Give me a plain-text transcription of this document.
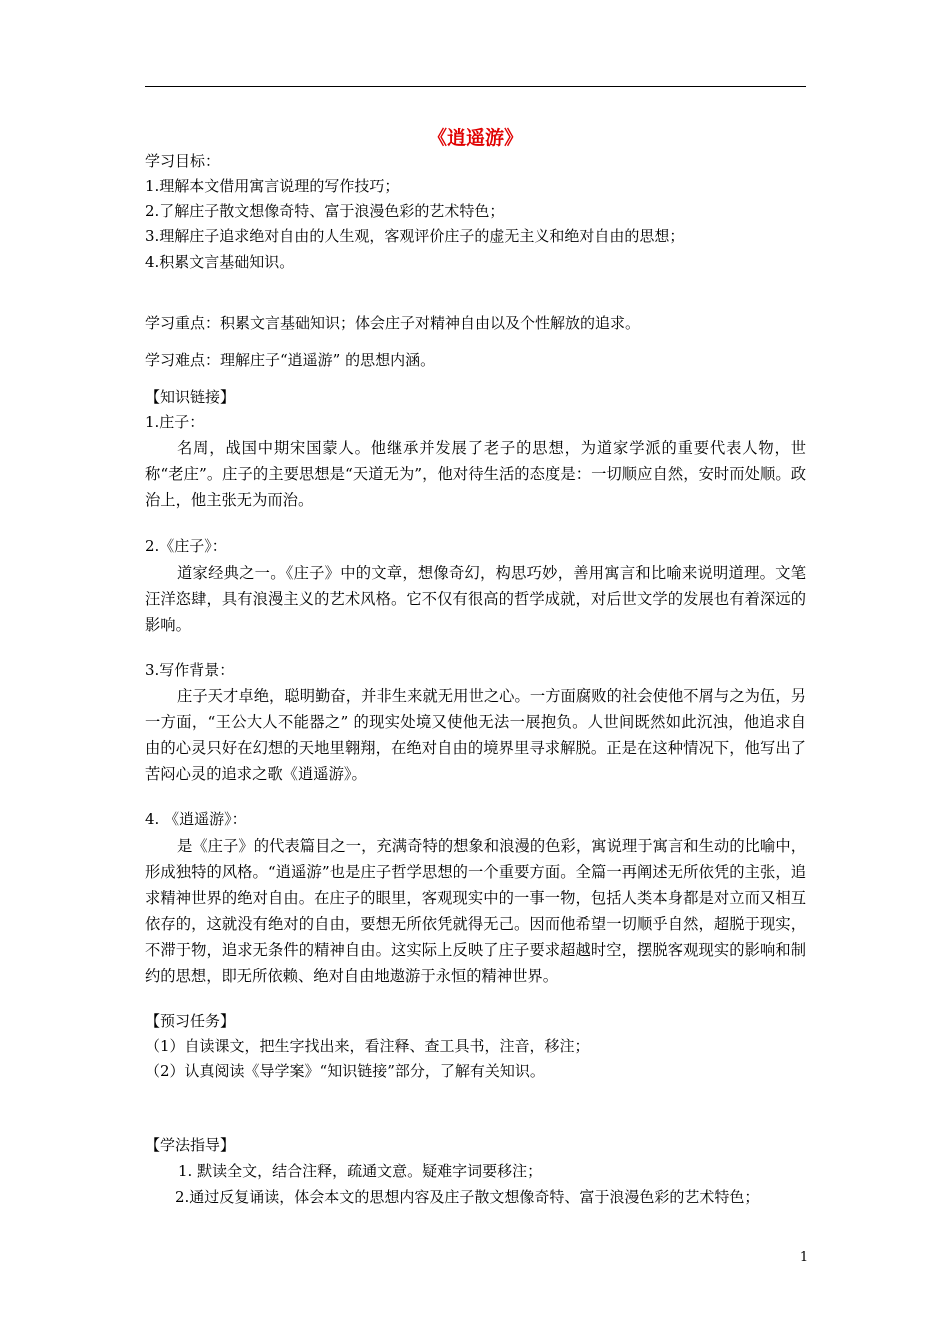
《逍遥游》
学习目标：
1.理解本文借用寓言说理的写作技巧；
2.了解庄子散文想像奇特、富于浪漫色彩的艺术特色；
3.理解庄子追求绝对自由的人生观，客观评价庄子的虚无主义和绝对自由的思想；
4.积累文言基础知识。
学习重点：积累文言基础知识；体会庄子对精神自由以及个性解放的追求。
学习难点：理解庄子“逍遥游” 的思想内涵。
【知识链接】
1.庄子：

名周，战国中期宋国蒙人。他继承并发展了老子的思想，为道家学派的重要代表人物，世称“老庄”。庄子的主要思想是“天道无为”，他对待生活的态度是：一切顺应自然，安时而处顺。政治上，他主张无为而治。

2.《庄子》：

道家经典之一。《庄子》中的文章，想像奇幻，构思巧妙，善用寓言和比喻来说明道理。文笔汪洋恣肆，具有浪漫主义的艺术风格。它不仅有很高的哲学成就，对后世文学的发展也有着深远的影响。

3.写作背景：

庄子天才卓绝，聪明勤奋，并非生来就无用世之心。一方面腐败的社会使他不屑与之为伍，另一方面，“王公大人不能器之” 的现实处境又使他无法一展抱负。人世间既然如此沉浊，他追求自由的心灵只好在幻想的天地里翱翔，在绝对自由的境界里寻求解脱。正是在这种情况下，他写出了苦闷心灵的追求之歌《逍遥游》。

4. 《逍遥游》：

是《庄子》的代表篇目之一，充满奇特的想象和浪漫的色彩，寓说理于寓言和生动的比喻中，形成独特的风格。“逍遥游”也是庄子哲学思想的一个重要方面。全篇一再阐述无所依凭的主张，追求精神世界的绝对自由。在庄子的眼里，客观现实中的一事一物，包括人类本身都是对立而又相互依存的，这就没有绝对的自由，要想无所依凭就得无己。因而他希望一切顺乎自然，超脱于现实，不滞于物，追求无条件的精神自由。这实际上反映了庄子要求超越时空，摆脱客观现实的影响和制约的思想，即无所依赖、绝对自由地遨游于永恒的精神世界。

【预习任务】
（1）自读课文，把生字找出来，看注释、查工具书，注音，移注；
（2）认真阅读《导学案》“知识链接”部分，了解有关知识。
【学法指导】
1. 默读全文，结合注释，疏通文意。疑难字词要移注；
2.通过反复诵读，体会本文的思想内容及庄子散文想像奇特、富于浪漫色彩的艺术特色；
1
